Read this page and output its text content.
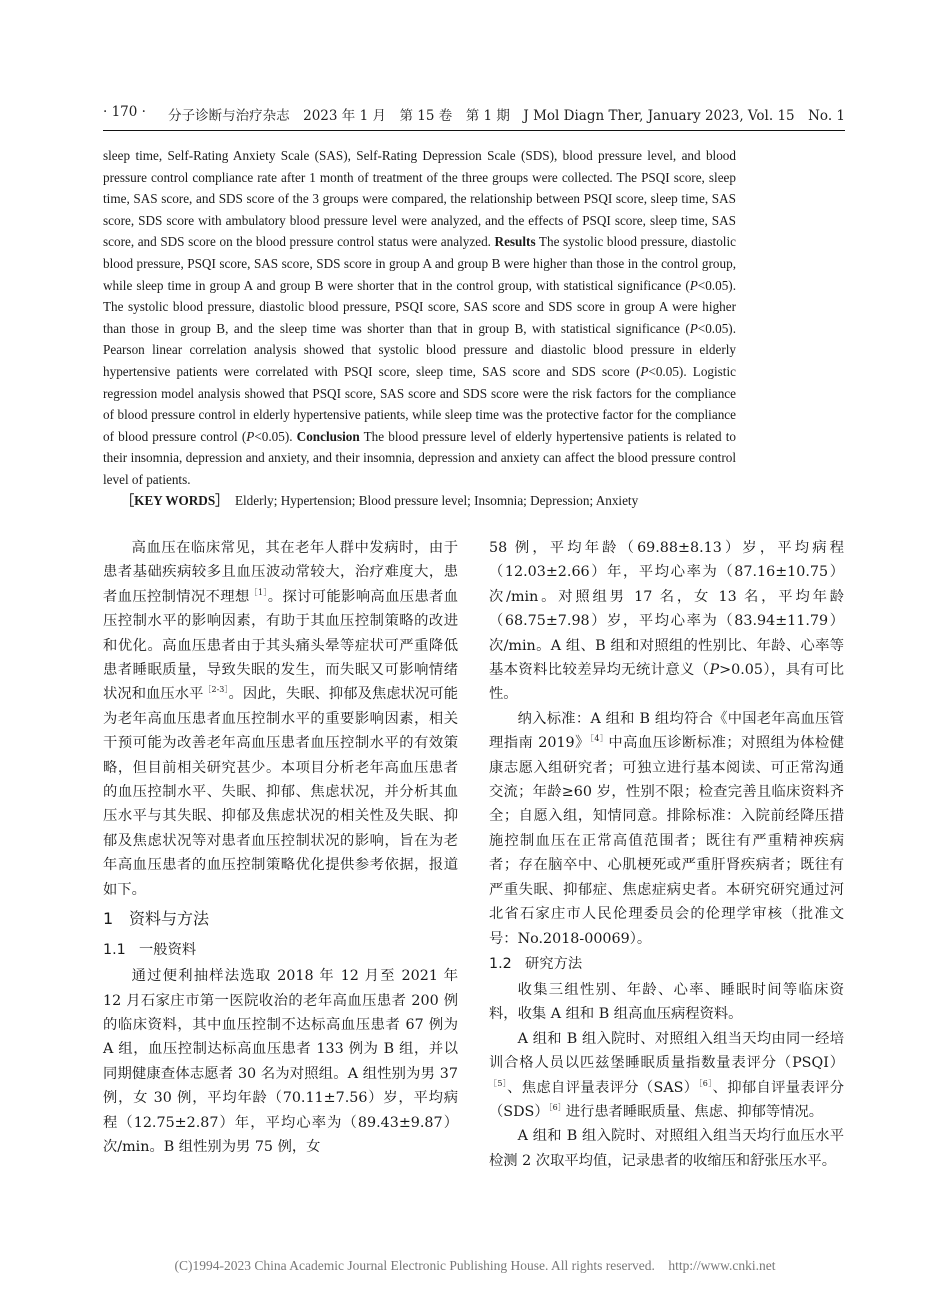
· 170 · 分子诊断与治疗杂志　2023 年 1 月　第 15 卷　第 1 期　J Mol Diagn Ther, January 2023, Vol. 15　No. 1
sleep time, Self-Rating Anxiety Scale (SAS), Self-Rating Depression Scale (SDS), blood pressure level, and blood pressure control compliance rate after 1 month of treatment of the three groups were collected. The PSQI score, sleep time, SAS score, and SDS score of the 3 groups were compared, the relationship between PSQI score, sleep time, SAS score, SDS score with ambulatory blood pressure level were analyzed, and the effects of PSQI score, sleep time, SAS score, and SDS score on the blood pressure control status were analyzed. Results The systolic blood pressure, diastolic blood pressure, PSQI score, SAS score, SDS score in group A and group B were higher than those in the control group, while sleep time in group A and group B were shorter that in the control group, with statistical significance (P<0.05). The systolic blood pressure, diastolic blood pressure, PSQI score, SAS score and SDS score in group A were higher than those in group B, and the sleep time was shorter than that in group B, with statistical significance (P<0.05). Pearson linear correlation analysis showed that systolic blood pressure and diastolic blood pressure in elderly hypertensive patients were correlated with PSQI score, sleep time, SAS score and SDS score (P<0.05). Logistic regression model analysis showed that PSQI score, SAS score and SDS score were the risk factors for the compliance of blood pressure control in elderly hypertensive patients, while sleep time was the protective factor for the compliance of blood pressure control (P<0.05). Conclusion The blood pressure level of elderly hypertensive patients is related to their insomnia, depression and anxiety, and their insomnia, depression and anxiety can affect the blood pressure control level of patients.
［KEY WORDS］ Elderly; Hypertension; Blood pressure level; Insomnia; Depression; Anxiety

高血压在临床常见，其在老年人群中发病时，由于患者基础疾病较多且血压波动常较大，治疗难度大，患者血压控制情况不理想$^{[1]}$。探讨可能影响高血压患者血压控制水平的影响因素，有助于其血压控制策略的改进和优化。高血压患者由于其头痛头晕等症状可严重降低患者睡眠质量，导致失眠的发生，而失眠又可影响情绪状况和血压水平$^{[2-3]}$。因此，失眠、抑郁及焦虑状况可能为老年高血压患者血压控制水平的重要影响因素，相关干预可能为改善老年高血压患者血压控制水平的有效策略，但目前相关研究甚少。本项目分析老年高血压患者的血压控制水平、失眠、抑郁、焦虑状况，并分析其血压水平与其失眠、抑郁及焦虑状况的相关性及失眠、抑郁及焦虑状况等对患者血压控制状况的影响，旨在为老年高血压患者的血压控制策略优化提供参考依据，报道如下。

1 资料与方法
1.1 一般资料

通过便利抽样法选取 2018 年 12 月至 2021 年 12 月石家庄市第一医院收治的老年高血压患者 200 例的临床资料，其中血压控制不达标高血压患者 67 例为 A 组，血压控制达标高血压患者 133 例为 B 组，并以同期健康查体志愿者 30 名为对照组。A 组性别为男 37 例，女 30 例，平均年龄（70.11±7.56）岁，平均病程（12.75±2.87）年，平均心率为（89.43±9.87）次/min。B 组性别为男 75 例，女

58 例，平均年龄（69.88±8.13）岁，平均病程（12.03±2.66）年，平均心率为（87.16±10.75）次/min。对照组男 17 名，女 13 名，平均年龄（68.75±7.98）岁，平均心率为（83.94±11.79）次/min。A 组、B 组和对照组的性别比、年龄、心率等基本资料比较差异均无统计意义（P>0.05），具有可比性。

纳入标准：A 组和 B 组均符合《中国老年高血压管理指南 2019》$^{[4]}$中高血压诊断标准；对照组为体检健康志愿入组研究者；可独立进行基本阅读、可正常沟通交流；年龄≥60 岁，性别不限；检查完善且临床资料齐全；自愿入组，知情同意。排除标准：入院前经降压措施控制血压在正常高值范围者；既往有严重精神疾病者；存在脑卒中、心肌梗死或严重肝肾疾病者；既往有严重失眠、抑郁症、焦虑症病史者。本研究研究通过河北省石家庄市人民伦理委员会的伦理学审核（批准文号：No.2018-00069）。

1.2 研究方法

收集三组性别、年龄、心率、睡眠时间等临床资料，收集 A 组和 B 组高血压病程资料。

A 组和 B 组入院时、对照组入组当天均由同一经培训合格人员以匹兹堡睡眠质量指数量表评分（PSQI）$^{[5]}$、焦虑自评量表评分（SAS）$^{[6]}$、抑郁自评量表评分（SDS）$^{[6]}$进行患者睡眠质量、焦虑、抑郁等情况。

A 组和 B 组入院时、对照组入组当天均行血压水平检测 2 次取平均值，记录患者的收缩压和舒张压水平。

(C)1994-2023 China Academic Journal Electronic Publishing House. All rights reserved.　http://www.cnki.net
